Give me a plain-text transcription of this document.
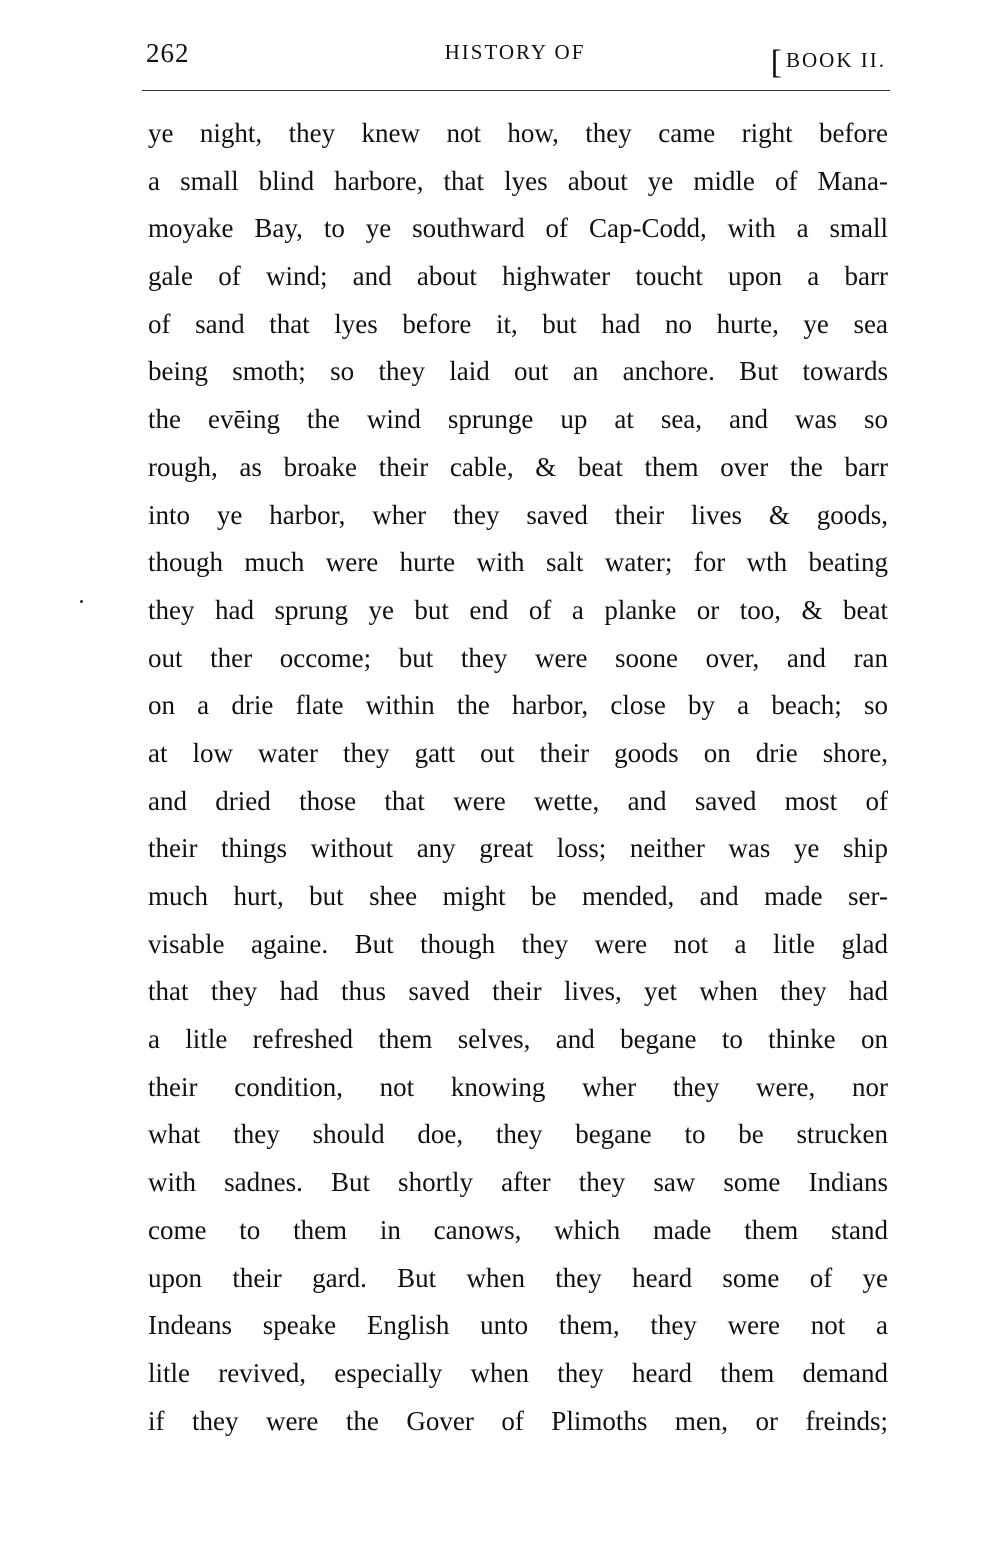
262	HISTORY OF	[BOOK II.
ye night, they knew not how, they came right before
a small blind harbore, that lyes about ye midle of Mana-
moyake Bay, to ye southward of Cap-Codd, with a small
gale of wind; and about highwater toucht upon a barr
of sand that lyes before it, but had no hurte, ye sea
being smoth; so they laid out an anchore. But towards
the evēing the wind sprunge up at sea, and was so
rough, as broake their cable, & beat them over the barr
into ye harbor, wher they saved their lives & goods,
though much were hurte with salt water; for wth beating
they had sprung ye but end of a planke or too, & beat
out ther occome; but they were soone over, and ran
on a drie flate within the harbor, close by a beach; so
at low water they gatt out their goods on drie shore,
and dried those that were wette, and saved most of
their things without any great loss; neither was ye ship
much hurt, but shee might be mended, and made ser-
visable againe. But though they were not a litle glad
that they had thus saved their lives, yet when they had
a litle refreshed them selves, and begane to thinke on
their condition, not knowing wher they were, nor
what they should doe, they begane to be strucken
with sadnes. But shortly after they saw some Indians
come to them in canows, which made them stand
upon their gard. But when they heard some of ye
Indeans speake English unto them, they were not a
litle revived, especially when they heard them demand
if they were the Gover of Plimoths men, or freinds;
